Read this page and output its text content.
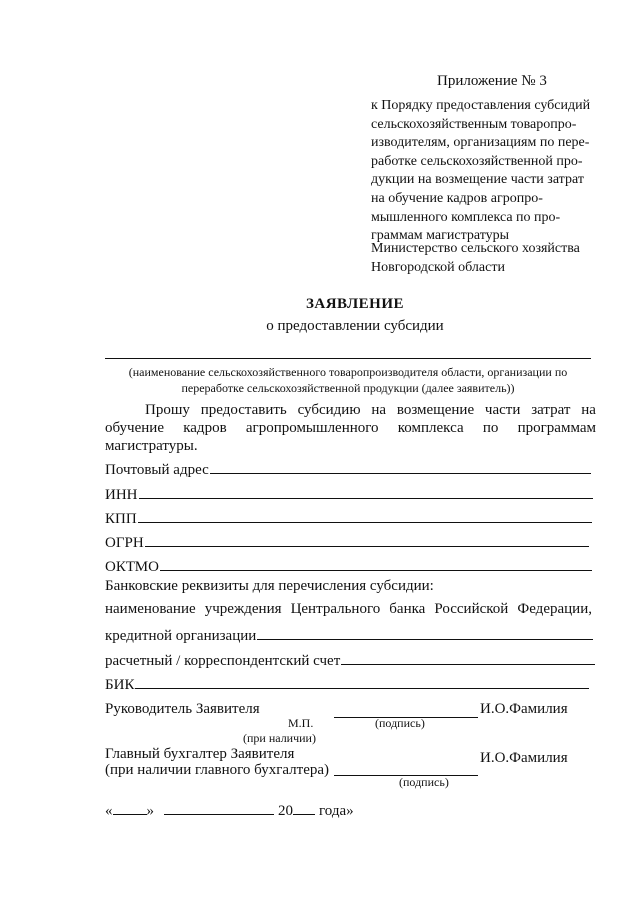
Приложение № 3
к Порядку предоставления субсидий
сельскохозяйственным товаропро-
изводителям, организациям по пере-
работке сельскохозяйственной про-
дукции на возмещение части затрат
на обучение кадров агропро-
мышленного комплекса по про-
граммам магистратуры
Министерство сельского хозяйства
Новгородской области
ЗАЯВЛЕНИЕ
о предоставлении субсидии
(наименование сельскохозяйственного товаропроизводителя области, организации по
переработке сельскохозяйственной продукции (далее заявитель))
Прошу предоставить субсидию на возмещение части затрат на
обучение кадров агропромышленного комплекса по программам
магистратуры.
Почтовый адрес
ИНН
КПП
ОГРН
ОКТМО
Банковские реквизиты для перечисления субсидии:
наименование учреждения Центрального банка Российской Федерации,
кредитной организации
расчетный / корреспондентский счет
БИК
Руководитель Заявителя	И.О.Фамилия
М.П.	(подпись)
(при наличии)
Главный бухгалтер Заявителя
(при наличии главного бухгалтера)
И.О.Фамилия
(подпись)
« »	20 года»
